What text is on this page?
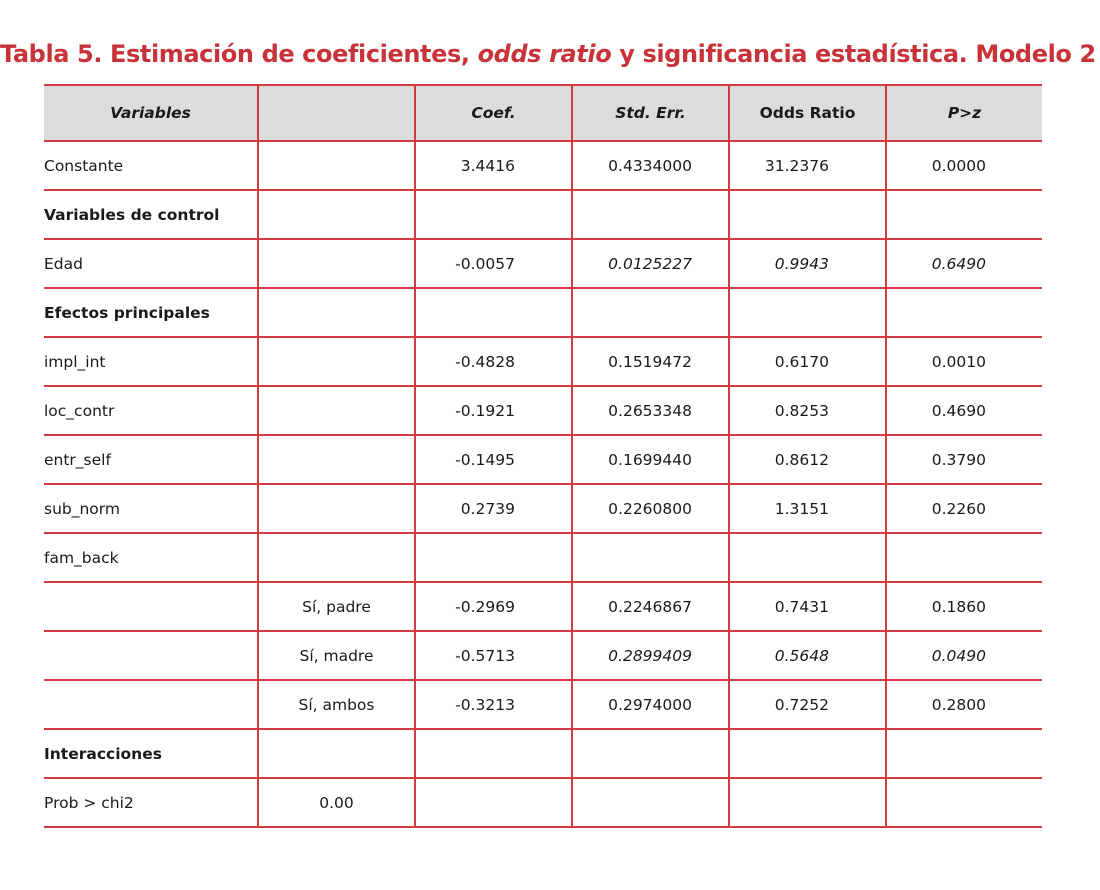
Tabla 5. Estimación de coeficientes, odds ratio y significancia estadística. Modelo 2
Variables		Coef.	Std. Err.	Odds Ratio	P>z
Constante		3.4416	0.4334000	31.2376	0.0000
Variables de control					
Edad		-0.0057	0.0125227	0.9943	0.6490
Efectos principales					
impl_int		-0.4828	0.1519472	0.6170	0.0010
loc_contr		-0.1921	0.2653348	0.8253	0.4690
entr_self		-0.1495	0.1699440	0.8612	0.3790
sub_norm		0.2739	0.2260800	1.3151	0.2260
fam_back					
	Sí, padre	-0.2969	0.2246867	0.7431	0.1860
	Sí, madre	-0.5713	0.2899409	0.5648	0.0490
	Sí, ambos	-0.3213	0.2974000	0.7252	0.2800
Interacciones					
Prob > chi2	0.00				
